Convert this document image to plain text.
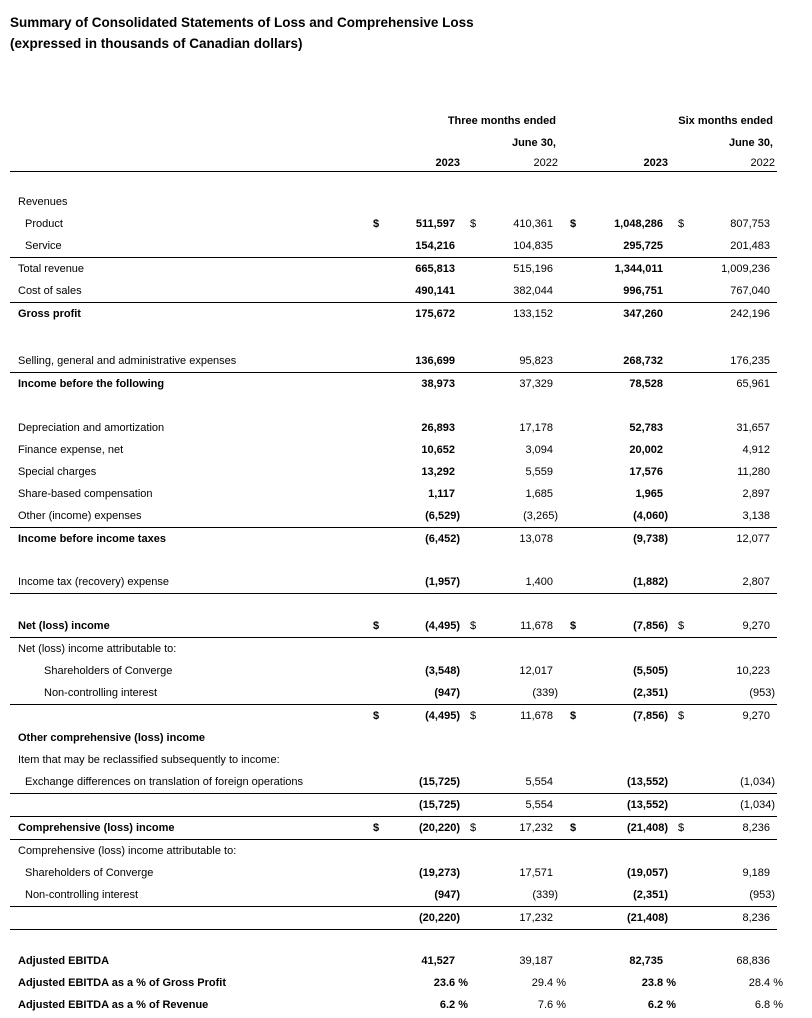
Summary of Consolidated Statements of Loss and Comprehensive Loss
(expressed in thousands of Canadian dollars)
	Three months ended				Six months ended			
	June 30,				June 30,			
		2023		2022		2023		2022

Revenues								
Product	$	511,597	$	410,361	$	1,048,286	$	807,753
Service		154,216		104,835		295,725		201,483
Total revenue		665,813		515,196		1,344,011		1,009,236
Cost of sales		490,141		382,044		996,751		767,040
Gross profit		175,672		133,152		347,260		242,196

Selling, general and administrative expenses		136,699		95,823		268,732		176,235
Income before the following		38,973		37,329		78,528		65,961

Depreciation and amortization		26,893		17,178		52,783		31,657
Finance expense, net		10,652		3,094		20,002		4,912
Special charges		13,292		5,559		17,576		11,280
Share-based compensation		1,117		1,685		1,965		2,897
Other (income) expenses		(6,529)		(3,265)		(4,060)		3,138
Income before income taxes		(6,452)		13,078		(9,738)		12,077

Income tax (recovery) expense		(1,957)		1,400		(1,882)		2,807

Net (loss) income	$	(4,495)	$	11,678	$	(7,856)	$	9,270
Net (loss) income attributable to:								
Shareholders of Converge		(3,548)		12,017		(5,505)		10,223
Non-controlling interest		(947)		(339)		(2,351)		(953)
	$	(4,495)	$	11,678	$	(7,856)	$	9,270
Other comprehensive (loss) income								
Item that may be reclassified subsequently to income:								
Exchange differences on translation of foreign operations		(15,725)		5,554		(13,552)		(1,034)
		(15,725)		5,554		(13,552)		(1,034)
Comprehensive (loss) income	$	(20,220)	$	17,232	$	(21,408)	$	8,236
Comprehensive (loss) income attributable to:								
Shareholders of Converge		(19,273)		17,571		(19,057)		9,189
Non-controlling interest		(947)		(339)		(2,351)		(953)
		(20,220)		17,232		(21,408)		8,236

Adjusted EBITDA		41,527		39,187		82,735		68,836
Adjusted EBITDA as a % of Gross Profit		23.6 %		29.4 %		23.8 %		28.4 %
Adjusted EBITDA as a % of Revenue		6.2 %		7.6 %		6.2 %		6.8 %
